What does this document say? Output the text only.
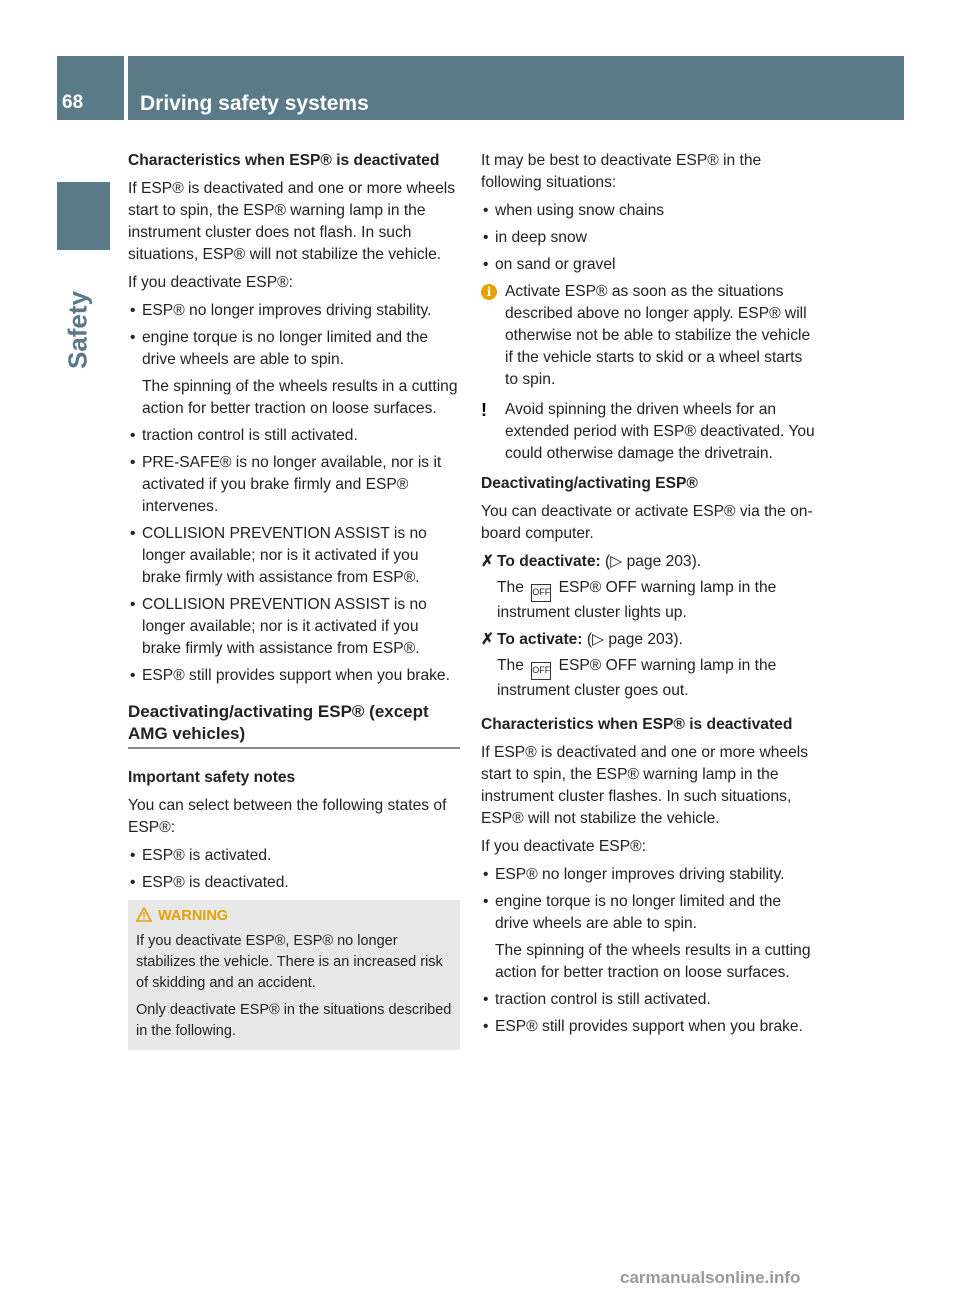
68	Driving safety systems
Safety
Characteristics when ESP® is deactivated

If ESP® is deactivated and one or more wheels start to spin, the ESP® warning lamp in the instrument cluster does not flash. In such situations, ESP® will not stabilize the vehicle.

If you deactivate ESP®:

• ESP® no longer improves driving stability.
• engine torque is no longer limited and the drive wheels are able to spin.
The spinning of the wheels results in a cutting action for better traction on loose surfaces.
• traction control is still activated.
• PRE-SAFE® is no longer available, nor is it activated if you brake firmly and ESP® intervenes.
• COLLISION PREVENTION ASSIST is no longer available; nor is it activated if you brake firmly with assistance from ESP®.
• COLLISION PREVENTION ASSIST is no longer available; nor is it activated if you brake firmly with assistance from ESP®.
• ESP® still provides support when you brake.
Deactivating/activating ESP® (except AMG vehicles)
Important safety notes

You can select between the following states of ESP®:

• ESP® is activated.
• ESP® is deactivated.
WARNING

If you deactivate ESP®, ESP® no longer stabilizes the vehicle. There is an increased risk of skidding and an accident.

Only deactivate ESP® in the situations described in the following.

It may be best to deactivate ESP® in the following situations:

• when using snow chains
• in deep snow
• on sand or gravel
i Activate ESP® as soon as the situations described above no longer apply. ESP® will otherwise not be able to stabilize the vehicle if the vehicle starts to skid or a wheel starts to spin.
!	Avoid spinning the driven wheels for an extended period with ESP® deactivated. You could otherwise damage the drivetrain.
Deactivating/activating ESP®

You can deactivate or activate ESP® via the on-board computer.

✗ To deactivate: (▷ page 203).
The OFF ESP® OFF warning lamp in the instrument cluster lights up.
✗ To activate: (▷ page 203).
The OFF ESP® OFF warning lamp in the instrument cluster goes out.
Characteristics when ESP® is deactivated

If ESP® is deactivated and one or more wheels start to spin, the ESP® warning lamp in the instrument cluster flashes. In such situations, ESP® will not stabilize the vehicle.

If you deactivate ESP®:

• ESP® no longer improves driving stability.
• engine torque is no longer limited and the drive wheels are able to spin.
The spinning of the wheels results in a cutting action for better traction on loose surfaces.
• traction control is still activated.
• ESP® still provides support when you brake.
carmanualsonline.info
